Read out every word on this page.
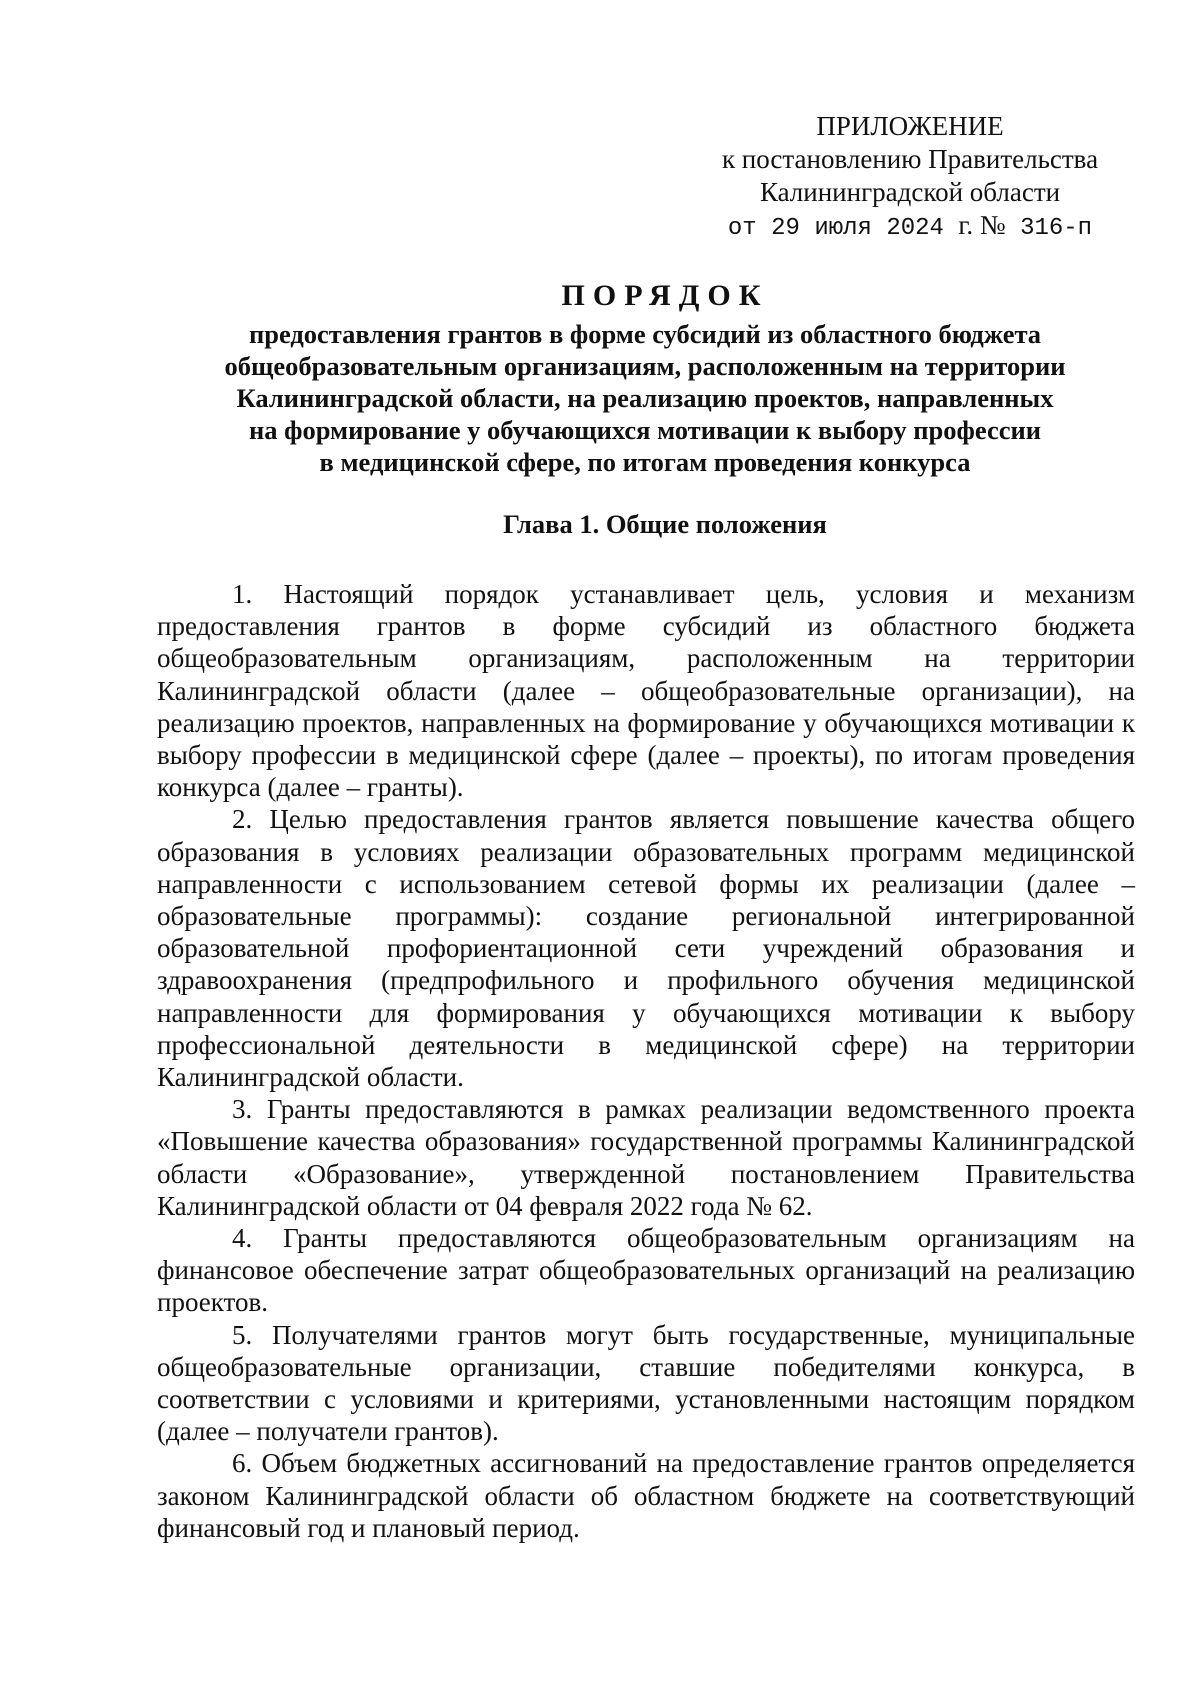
ПРИЛОЖЕНИЕ
к постановлению Правительства
Калининградской области
от 29 июля 2024 г. № 316-п
ПОРЯДОК
предоставления грантов в форме субсидий из областного бюджета
общеобразовательным организациям, расположенным на территории
Калининградской области, на реализацию проектов, направленных
на формирование у обучающихся мотивации к выбору профессии
в медицинской сфере, по итогам проведения конкурса
Глава 1. Общие положения

1. Настоящий порядок устанавливает цель, условия и механизм предоставления грантов в форме субсидий из областного бюджета общеобразовательным организациям, расположенным на территории Калининградской области (далее – общеобразовательные организации), на реализацию проектов, направленных на формирование у обучающихся мотивации к выбору профессии в медицинской сфере (далее – проекты), по итогам проведения конкурса (далее – гранты).

2. Целью предоставления грантов является повышение качества общего образования в условиях реализации образовательных программ медицинской направленности с использованием сетевой формы их реализации (далее – образовательные программы): создание региональной интегрированной образовательной профориентационной сети учреждений образования и здравоохранения (предпрофильного и профильного обучения медицинской направленности для формирования у обучающихся мотивации к выбору профессиональной деятельности в медицинской сфере) на территории Калининградской области.

3. Гранты предоставляются в рамках реализации ведомственного проекта «Повышение качества образования» государственной программы Калининградской области «Образование», утвержденной постановлением Правительства Калининградской области от 04 февраля 2022 года № 62.

4. Гранты предоставляются общеобразовательным организациям на финансовое обеспечение затрат общеобразовательных организаций на реализацию проектов.

5. Получателями грантов могут быть государственные, муниципальные общеобразовательные организации, ставшие победителями конкурса, в соответствии с условиями и критериями, установленными настоящим порядком (далее – получатели грантов).

6. Объем бюджетных ассигнований на предоставление грантов определяется законом Калининградской области об областном бюджете на соответствующий финансовый год и плановый период.
